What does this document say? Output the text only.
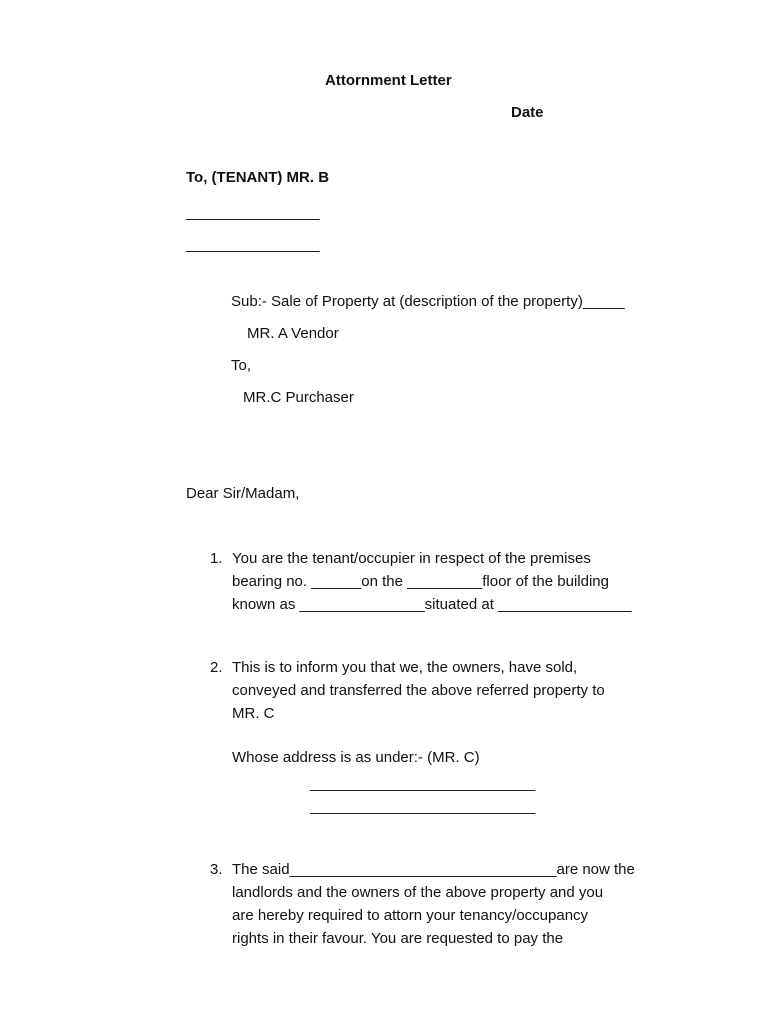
Attornment Letter
Date
To, (TENANT) MR. B
________________
________________
Sub:- Sale of Property at (description of the property)_____
MR. A Vendor
To,
MR.C Purchaser
Dear Sir/Madam,
1. You are the tenant/occupier in respect of the premises
bearing no. ______on the _________floor of the building
known as _______________situated at ________________
2. This is to inform you that we, the owners, have sold,
conveyed and transferred the above referred property to
MR. C
Whose address is as under:- (MR. C)
___________________________
___________________________
3. The said________________________________are now the
landlords and the owners of the above property and you
are hereby required to attorn your tenancy/occupancy
rights in their favour. You are requested to pay the
